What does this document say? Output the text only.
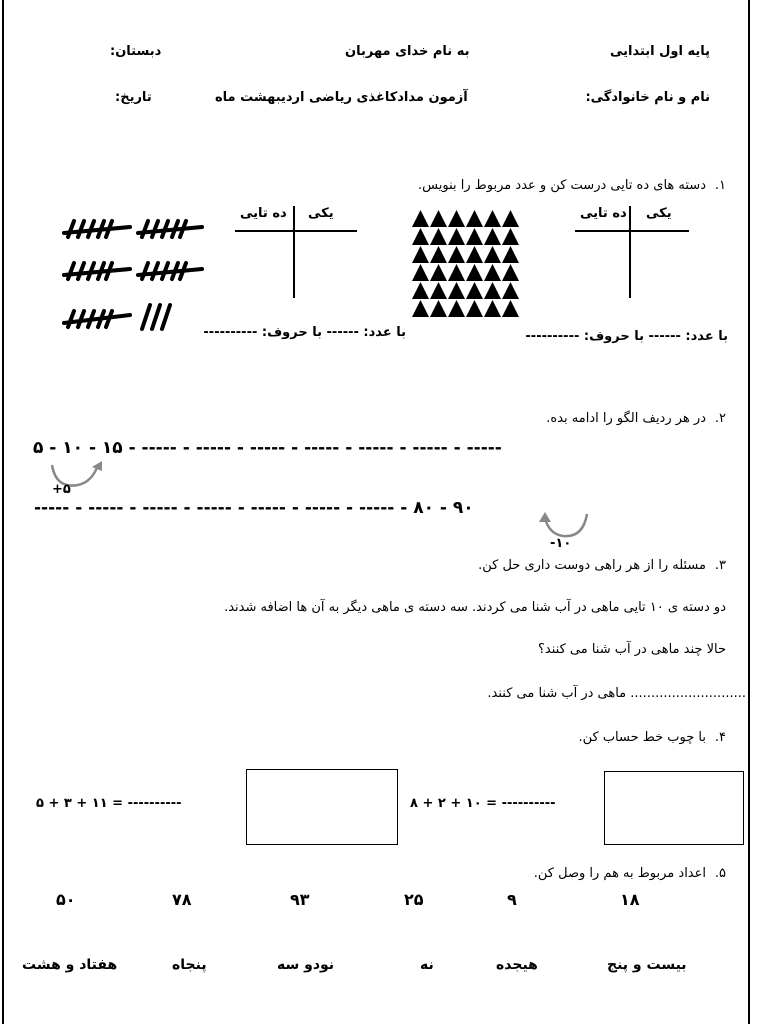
پایه اول ابتدایی
به نام خدای مهربان
دبستان:
نام و نام خانوادگی:
آزمون مدادکاغذی ریاضی اردیبهشت ماه
تاریخ:
۱.
دسته های ده تایی درست کن و عدد مربوط را بنویس.
یکی
ده تایی	یکی
ده تایی
با عدد: ------ با حروف: ----------	با عدد: ------ با حروف: ----------
۲.
در هر ردیف الگو را ادامه بده.
۵ - ۱۰ - ۱۵ - ----- - ----- - ----- - ----- - ----- - ----- - -----
+۵
----- - ----- - ----- - ----- - ----- - ----- - ----- - ۸۰ - ۹۰
-۱۰
۳.
مسئله را از هر راهی دوست داری حل کن.
دو دسته ی ۱۰ تایی ماهی در آب شنا می کردند. سه دسته ی ماهی دیگر به آن ها اضافه شدند.
حالا چند ماهی در آب شنا می کنند؟
............................ ماهی در آب شنا می کنند.
۴.
با چوب خط حساب کن.
۵ + ۳ + ۱۱ = ----------	۸ + ۲ + ۱۰ = ----------
۵.
اعداد مربوط به هم را وصل کن.
۱۸
۹
۲۵
۹۳
۷۸
۵۰
بیست و پنج
هیجده
نه
نودو سه
پنجاه
هفتاد و هشت
